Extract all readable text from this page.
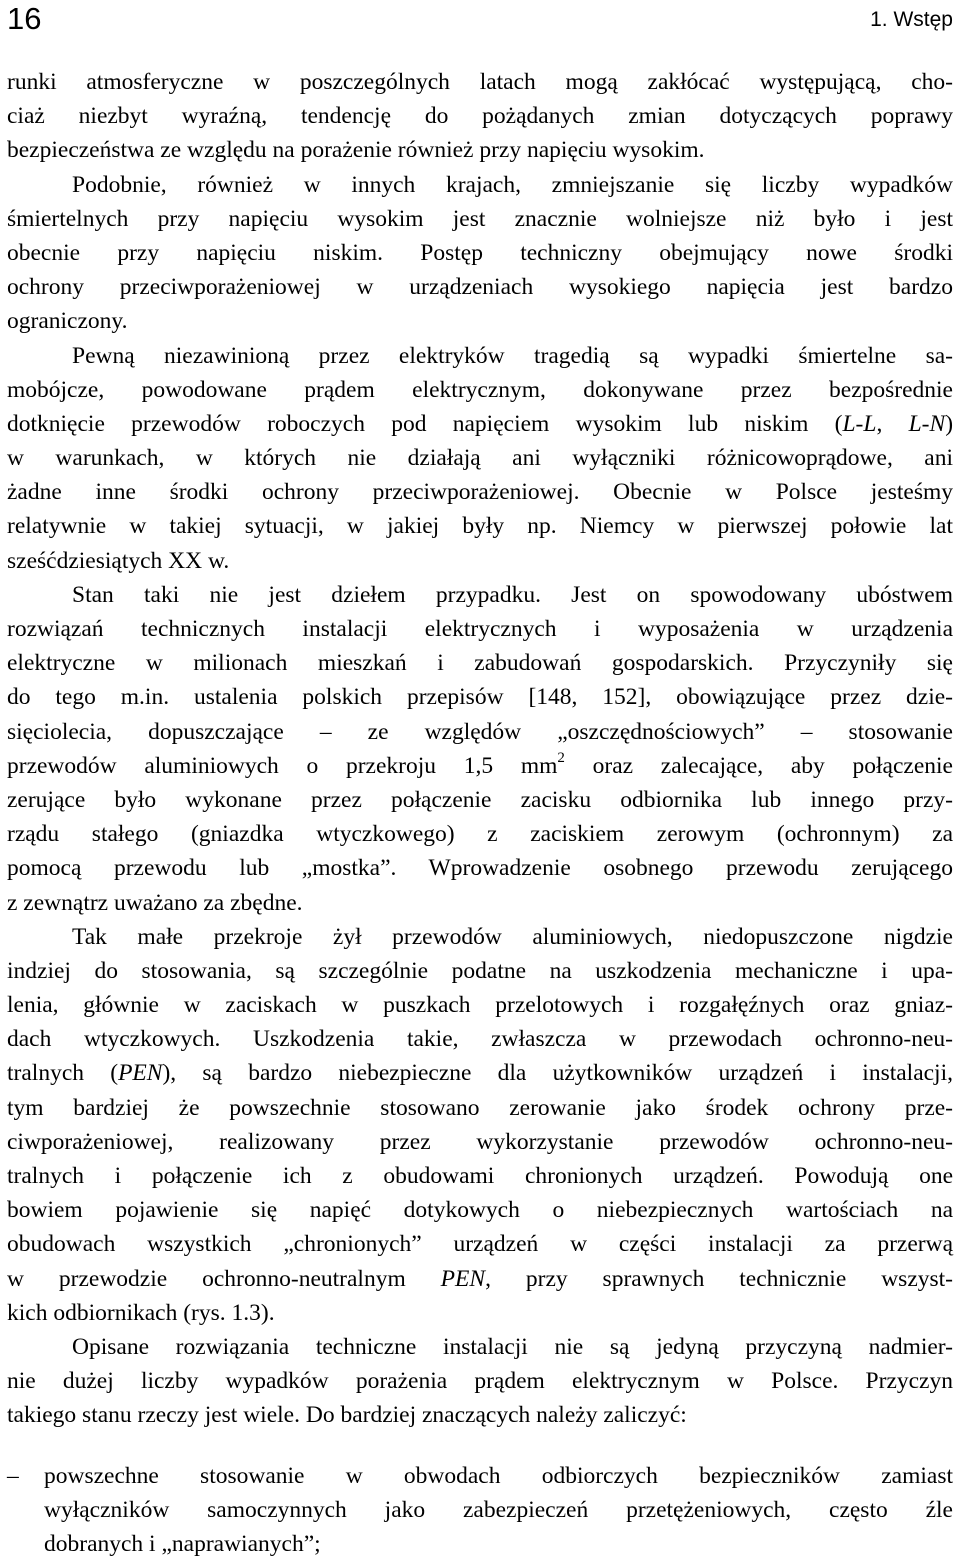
16	1. Wstęp
runki atmosferyczne w poszczególnych latach mogą zakłócać występującą, cho-
ciaż niezbyt wyraźną, tendencję do pożądanych zmian dotyczących poprawy
bezpieczeństwa ze względu na porażenie również przy napięciu wysokim.
Podobnie, również w innych krajach, zmniejszanie się liczby wypadków
śmiertelnych przy napięciu wysokim jest znacznie wolniejsze niż było i jest
obecnie przy napięciu niskim. Postęp techniczny obejmujący nowe środki
ochrony przeciwporażeniowej w urządzeniach wysokiego napięcia jest bardzo
ograniczony.
Pewną niezawinioną przez elektryków tragedią są wypadki śmiertelne sa-
mobójcze, powodowane prądem elektrycznym, dokonywane przez bezpośrednie
dotknięcie przewodów roboczych pod napięciem wysokim lub niskim (L-L, L-N)
w warunkach, w których nie działają ani wyłączniki różnicowoprądowe, ani
żadne inne środki ochrony przeciwporażeniowej. Obecnie w Polsce jesteśmy
relatywnie w takiej sytuacji, w jakiej były np. Niemcy w pierwszej połowie lat
sześćdziesiątych XX w.
Stan taki nie jest dziełem przypadku. Jest on spowodowany ubóstwem
rozwiązań technicznych instalacji elektrycznych i wyposażenia w urządzenia
elektryczne w milionach mieszkań i zabudowań gospodarskich. Przyczyniły się
do tego m.in. ustalenia polskich przepisów [148, 152], obowiązujące przez dzie-
sięciolecia, dopuszczające – ze względów „oszczędnościowych” – stosowanie
przewodów aluminiowych o przekroju 1,5 $mm^2$ oraz zalecające, aby połączenie
zerujące było wykonane przez połączenie zacisku odbiornika lub innego przy-
rządu stałego (gniazdka wtyczkowego) z zaciskiem zerowym (ochronnym) za
pomocą przewodu lub „mostka”. Wprowadzenie osobnego przewodu zerującego
z zewnątrz uważano za zbędne.
Tak małe przekroje żył przewodów aluminiowych, niedopuszczone nigdzie
indziej do stosowania, są szczególnie podatne na uszkodzenia mechaniczne i upa-
lenia, głównie w zaciskach w puszkach przelotowych i rozgałęźnych oraz gniaz-
dach wtyczkowych. Uszkodzenia takie, zwłaszcza w przewodach ochronno-neu-
tralnych (PEN), są bardzo niebezpieczne dla użytkowników urządzeń i instalacji,
tym bardziej że powszechnie stosowano zerowanie jako środek ochrony prze-
ciwporażeniowej, realizowany przez wykorzystanie przewodów ochronno-neu-
tralnych i połączenie ich z obudowami chronionych urządzeń. Powodują one
bowiem pojawienie się napięć dotykowych o niebezpiecznych wartościach na
obudowach wszystkich „chronionych” urządzeń w części instalacji za przerwą
w przewodzie ochronno-neutralnym PEN, przy sprawnych technicznie wszyst-
kich odbiornikach (rys. 1.3).
Opisane rozwiązania techniczne instalacji nie są jedyną przyczyną nadmier-
nie dużej liczby wypadków porażenia prądem elektrycznym w Polsce. Przyczyn
takiego stanu rzeczy jest wiele. Do bardziej znaczących należy zaliczyć:
– powszechne stosowanie w obwodach odbiorczych bezpieczników zamiast
wyłączników samoczynnych jako zabezpieczeń przetężeniowych, często źle
dobranych i „naprawianych”;
